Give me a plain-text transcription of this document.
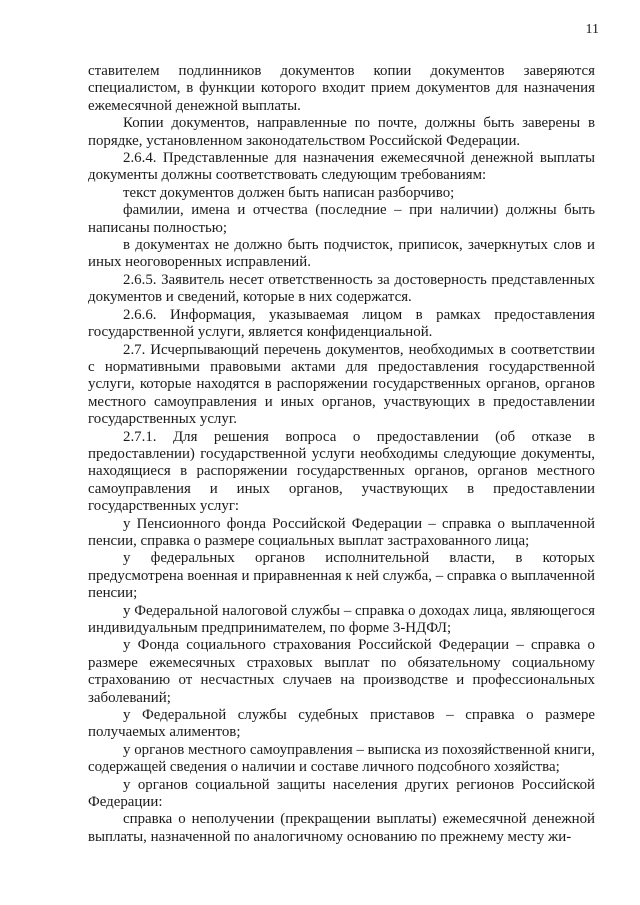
11

ставителем подлинников документов копии документов заверяются специалистом, в функции которого входит прием документов для назначения ежемесячной денежной выплаты.

Копии документов, направленные по почте, должны быть заверены в порядке, установленном законодательством Российской Федерации.

2.6.4. Представленные для назначения ежемесячной денежной выплаты документы должны соответствовать следующим требованиям:

текст документов должен быть написан разборчиво;

фамилии, имена и отчества (последние – при наличии) должны быть написаны полностью;

в документах не должно быть подчисток, приписок, зачеркнутых слов и иных неоговоренных исправлений.

2.6.5. Заявитель несет ответственность за достоверность представленных документов и сведений, которые в них содержатся.

2.6.6. Информация, указываемая лицом в рамках предоставления государственной услуги, является конфиденциальной.

2.7. Исчерпывающий перечень документов, необходимых в соответствии с нормативными правовыми актами для предоставления государственной услуги, которые находятся в распоряжении государственных органов, органов местного самоуправления и иных органов, участвующих в предоставлении государственных услуг.

2.7.1. Для решения вопроса о предоставлении (об отказе в предоставлении) государственной услуги необходимы следующие документы, находящиеся в распоряжении государственных органов, органов местного самоуправления и иных органов, участвующих в предоставлении государственных услуг:

у Пенсионного фонда Российской Федерации – справка о выплаченной пенсии, справка о размере социальных выплат застрахованного лица;

у федеральных органов исполнительной власти, в которых предусмотрена военная и приравненная к ней служба, – справка о выплаченной пенсии;

у Федеральной налоговой службы – справка о доходах лица, являющегося индивидуальным предпринимателем, по форме 3-НДФЛ;

у Фонда социального страхования Российской Федерации – справка о размере ежемесячных страховых выплат по обязательному социальному страхованию от несчастных случаев на производстве и профессиональных заболеваний;

у Федеральной службы судебных приставов – справка о размере получаемых алиментов;

у органов местного самоуправления – выписка из похозяйственной книги, содержащей сведения о наличии и составе личного подсобного хозяйства;

у органов социальной защиты населения других регионов Российской Федерации:

справка о неполучении (прекращении выплаты) ежемесячной денежной выплаты, назначенной по аналогичному основанию по прежнему месту жи-
